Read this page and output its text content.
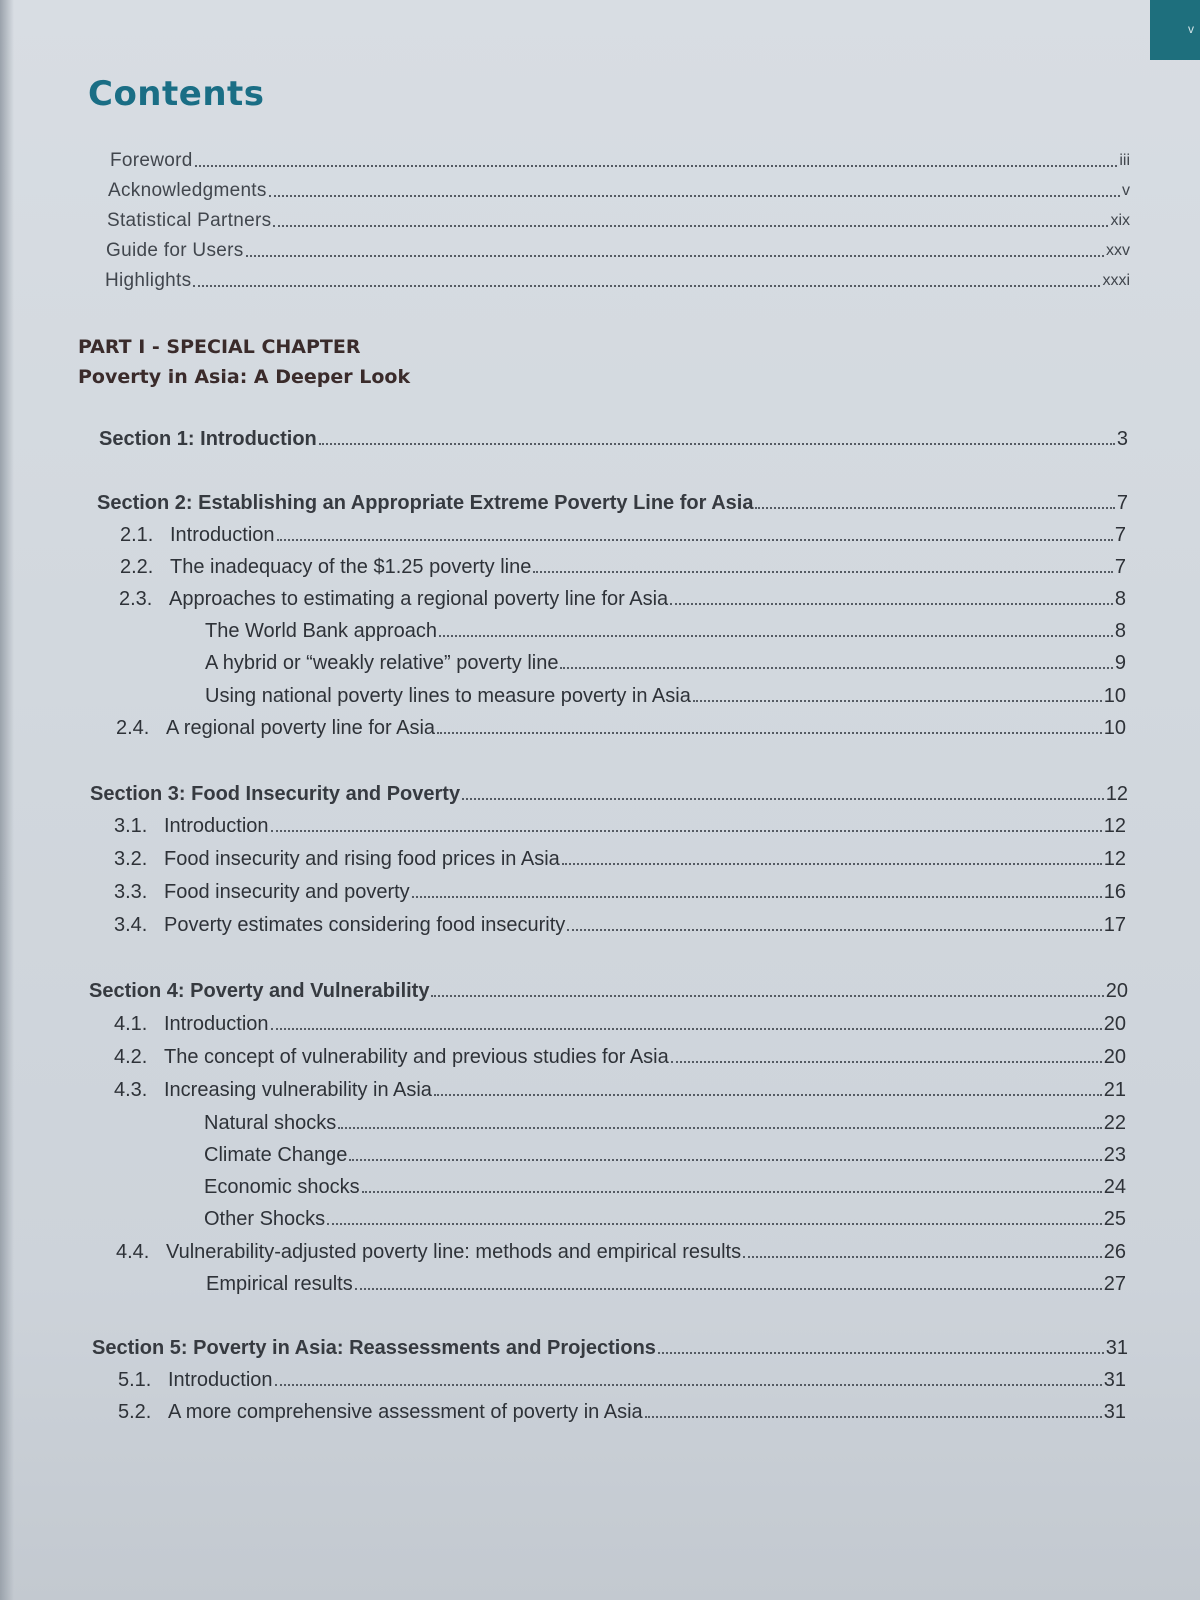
v
Contents
Foreword	iii
Acknowledgments	v
Statistical Partners	xix
Guide for Users	xxv
Highlights	xxxi
PART I - SPECIAL CHAPTER
Poverty in Asia: A Deeper Look
Section 1: Introduction	3
Section 2: Establishing an Appropriate Extreme Poverty Line for Asia	7
2.1. Introduction	7
2.2. The inadequacy of the $1.25 poverty line	7
2.3. Approaches to estimating a regional poverty line for Asia	8
The World Bank approach	8
A hybrid or “weakly relative” poverty line	9
Using national poverty lines to measure poverty in Asia	10
2.4. A regional poverty line for Asia	10
Section 3: Food Insecurity and Poverty	12
3.1. Introduction	12
3.2. Food insecurity and rising food prices in Asia	12
3.3. Food insecurity and poverty	16
3.4. Poverty estimates considering food insecurity	17
Section 4: Poverty and Vulnerability	20
4.1. Introduction	20
4.2. The concept of vulnerability and previous studies for Asia	20
4.3. Increasing vulnerability in Asia	21
Natural shocks	22
Climate Change	23
Economic shocks	24
Other Shocks	25
4.4. Vulnerability-adjusted poverty line: methods and empirical results	26
Empirical results	27
Section 5: Poverty in Asia: Reassessments and Projections	31
5.1. Introduction	31
5.2. A more comprehensive assessment of poverty in Asia	31
